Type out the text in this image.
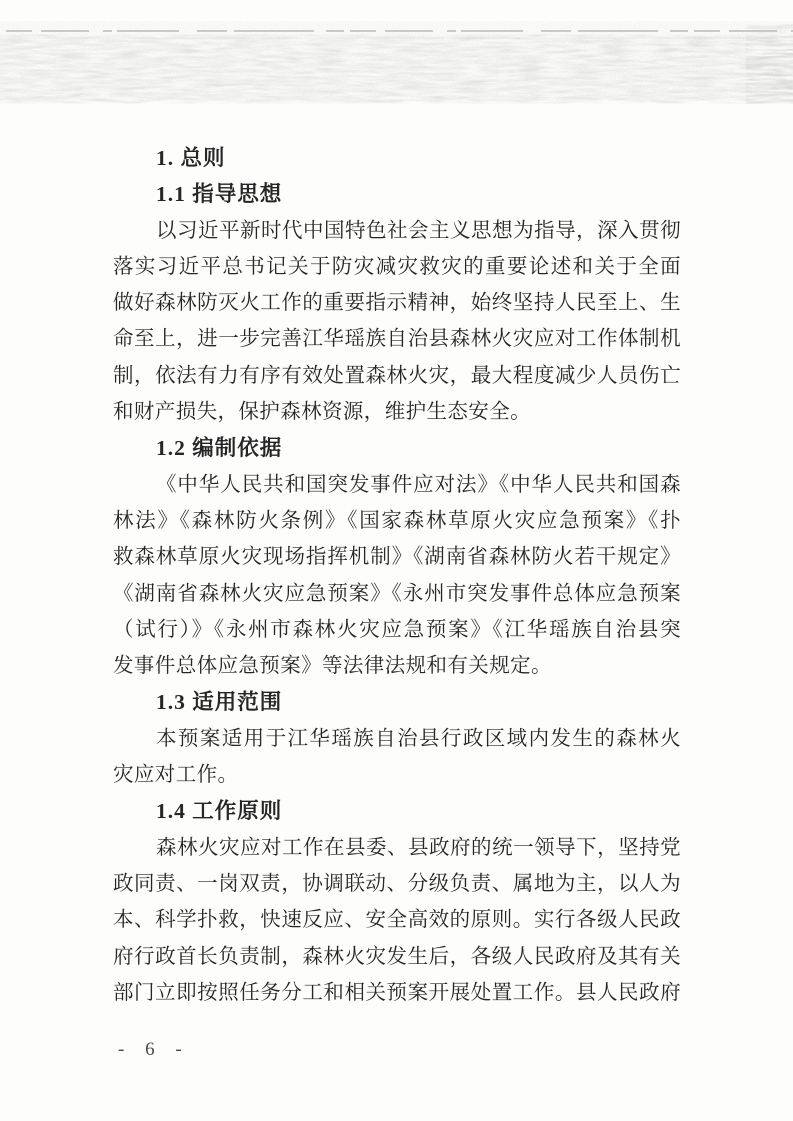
1. 总则
1.1 指导思想
以习近平新时代中国特色社会主义思想为指导，深入贯彻
落实习近平总书记关于防灾减灾救灾的重要论述和关于全面
做好森林防灭火工作的重要指示精神，始终坚持人民至上、生
命至上，进一步完善江华瑶族自治县森林火灾应对工作体制机
制，依法有力有序有效处置森林火灾，最大程度减少人员伤亡
和财产损失，保护森林资源，维护生态安全。
1.2 编制依据
《中华人民共和国突发事件应对法》《中华人民共和国森
林法》《森林防火条例》《国家森林草原火灾应急预案》《扑
救森林草原火灾现场指挥机制》《湖南省森林防火若干规定》
《湖南省森林火灾应急预案》《永州市突发事件总体应急预案
（试行）》《永州市森林火灾应急预案》《江华瑶族自治县突
发事件总体应急预案》等法律法规和有关规定。
1.3 适用范围
本预案适用于江华瑶族自治县行政区域内发生的森林火
灾应对工作。
1.4 工作原则
森林火灾应对工作在县委、县政府的统一领导下，坚持党
政同责、一岗双责，协调联动、分级负责、属地为主，以人为
本、科学扑救，快速反应、安全高效的原则。实行各级人民政
府行政首长负责制，森林火灾发生后，各级人民政府及其有关
部门立即按照任务分工和相关预案开展处置工作。县人民政府
- 6 -
